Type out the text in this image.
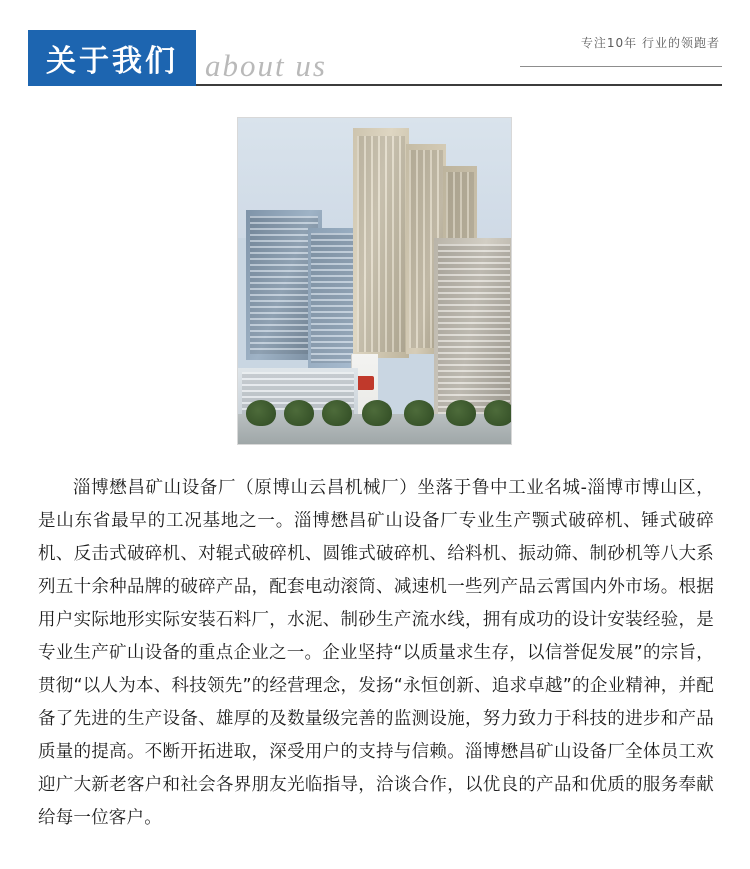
关于我们 about us
专注10年 行业的领跑者
淄博懋昌矿山设备厂（原博山云昌机械厂）坐落于鲁中工业名城-淄博市博山区，是山东省最早的工况基地之一。淄博懋昌矿山设备厂专业生产颚式破碎机、锤式破碎机、反击式破碎机、对辊式破碎机、圆锥式破碎机、给料机、振动筛、制砂机等八大系列五十余种品牌的破碎产品，配套电动滚筒、减速机一些列产品云霄国内外市场。根据用户实际地形实际安装石料厂，水泥、制砂生产流水线，拥有成功的设计安装经验，是专业生产矿山设备的重点企业之一。企业坚持“以质量求生存，以信誉促发展”的宗旨，贯彻“以人为本、科技领先”的经营理念，发扬“永恒创新、追求卓越”的企业精神，并配备了先进的生产设备、雄厚的及数量级完善的监测设施，努力致力于科技的进步和产品质量的提高。不断开拓进取，深受用户的支持与信赖。淄博懋昌矿山设备厂全体员工欢迎广大新老客户和社会各界朋友光临指导，洽谈合作，以优良的产品和优质的服务奉献给每一位客户。
